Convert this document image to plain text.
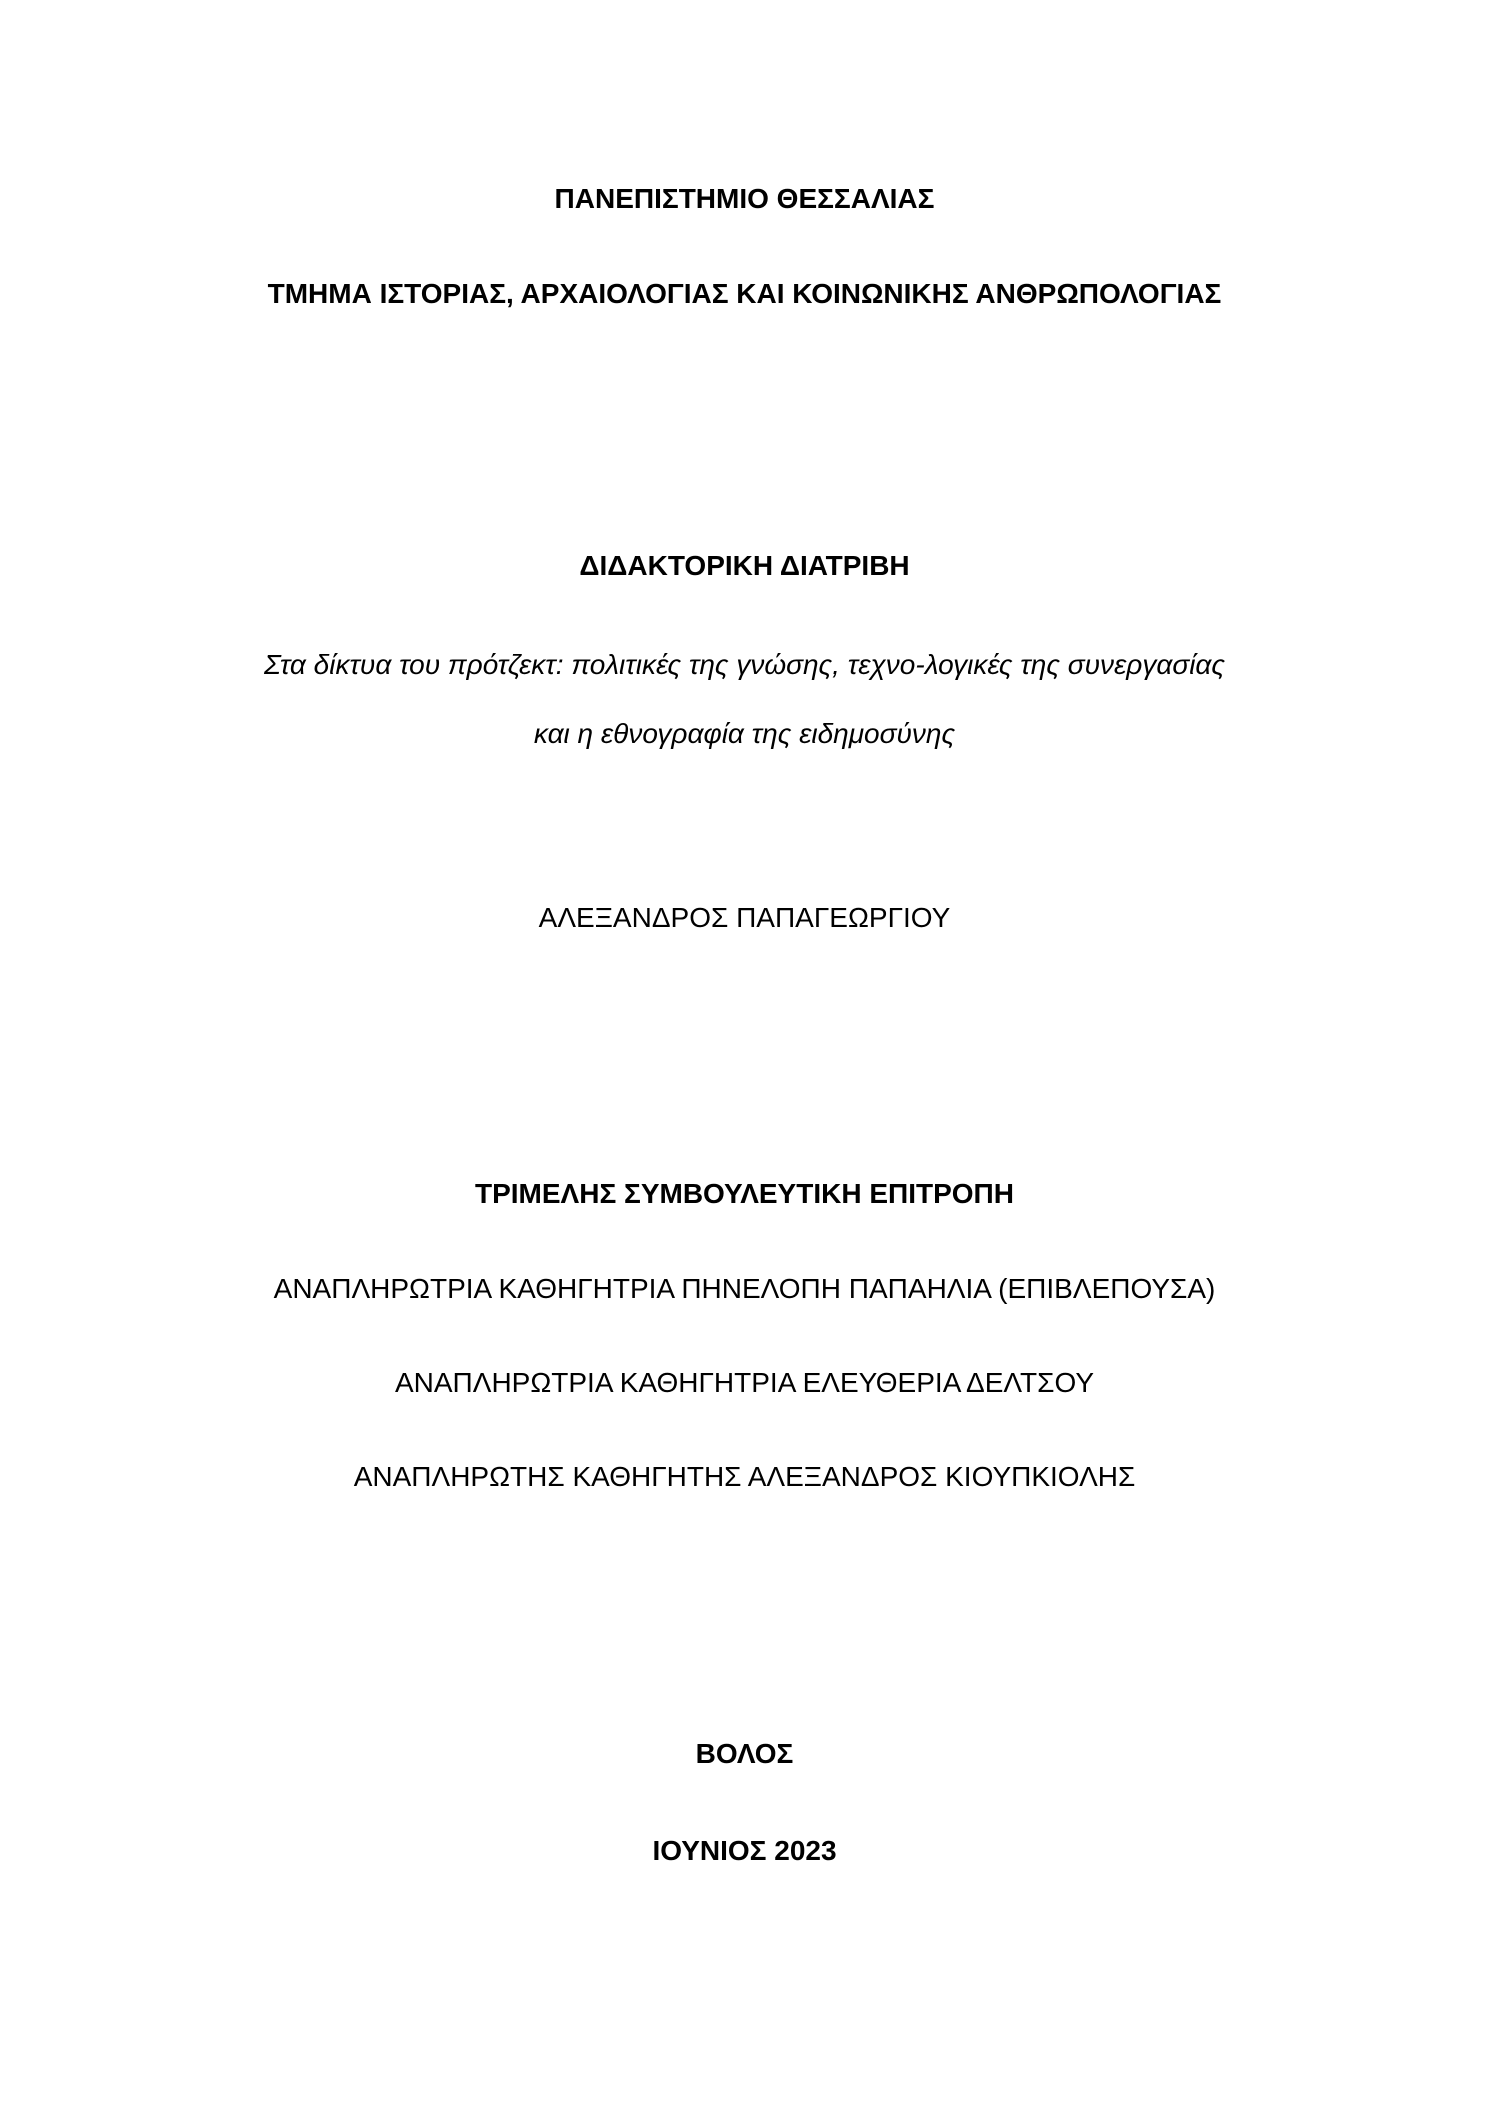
ΠΑΝΕΠΙΣΤΗΜΙΟ ΘΕΣΣΑΛΙΑΣ
ΤΜΗΜΑ ΙΣΤΟΡΙΑΣ, ΑΡΧΑΙΟΛΟΓΙΑΣ ΚΑΙ ΚΟΙΝΩΝΙΚΗΣ ΑΝΘΡΩΠΟΛΟΓΙΑΣ
ΔΙΔΑΚΤΟΡΙΚΗ ΔΙΑΤΡΙΒΗ
Στα δίκτυα του πρότζεκτ: πολιτικές της γνώσης, τεχνο-λογικές της συνεργασίας
και η εθνογραφία της ειδημοσύνης
ΑΛΕΞΑΝΔΡΟΣ ΠΑΠΑΓΕΩΡΓΙΟΥ
ΤΡΙΜΕΛΗΣ ΣΥΜΒΟΥΛΕΥΤΙΚΗ ΕΠΙΤΡΟΠΗ
ΑΝΑΠΛΗΡΩΤΡΙΑ ΚΑΘΗΓΗΤΡΙΑ ΠΗΝΕΛΟΠΗ ΠΑΠΑΗΛΙΑ (ΕΠΙΒΛΕΠΟΥΣΑ)
ΑΝΑΠΛΗΡΩΤΡΙΑ ΚΑΘΗΓΗΤΡΙΑ ΕΛΕΥΘΕΡΙΑ ΔΕΛΤΣΟΥ
ΑΝΑΠΛΗΡΩΤΗΣ ΚΑΘΗΓΗΤΗΣ ΑΛΕΞΑΝΔΡΟΣ ΚΙΟΥΠΚΙΟΛΗΣ
ΒΟΛΟΣ
ΙΟΥΝΙΟΣ 2023
